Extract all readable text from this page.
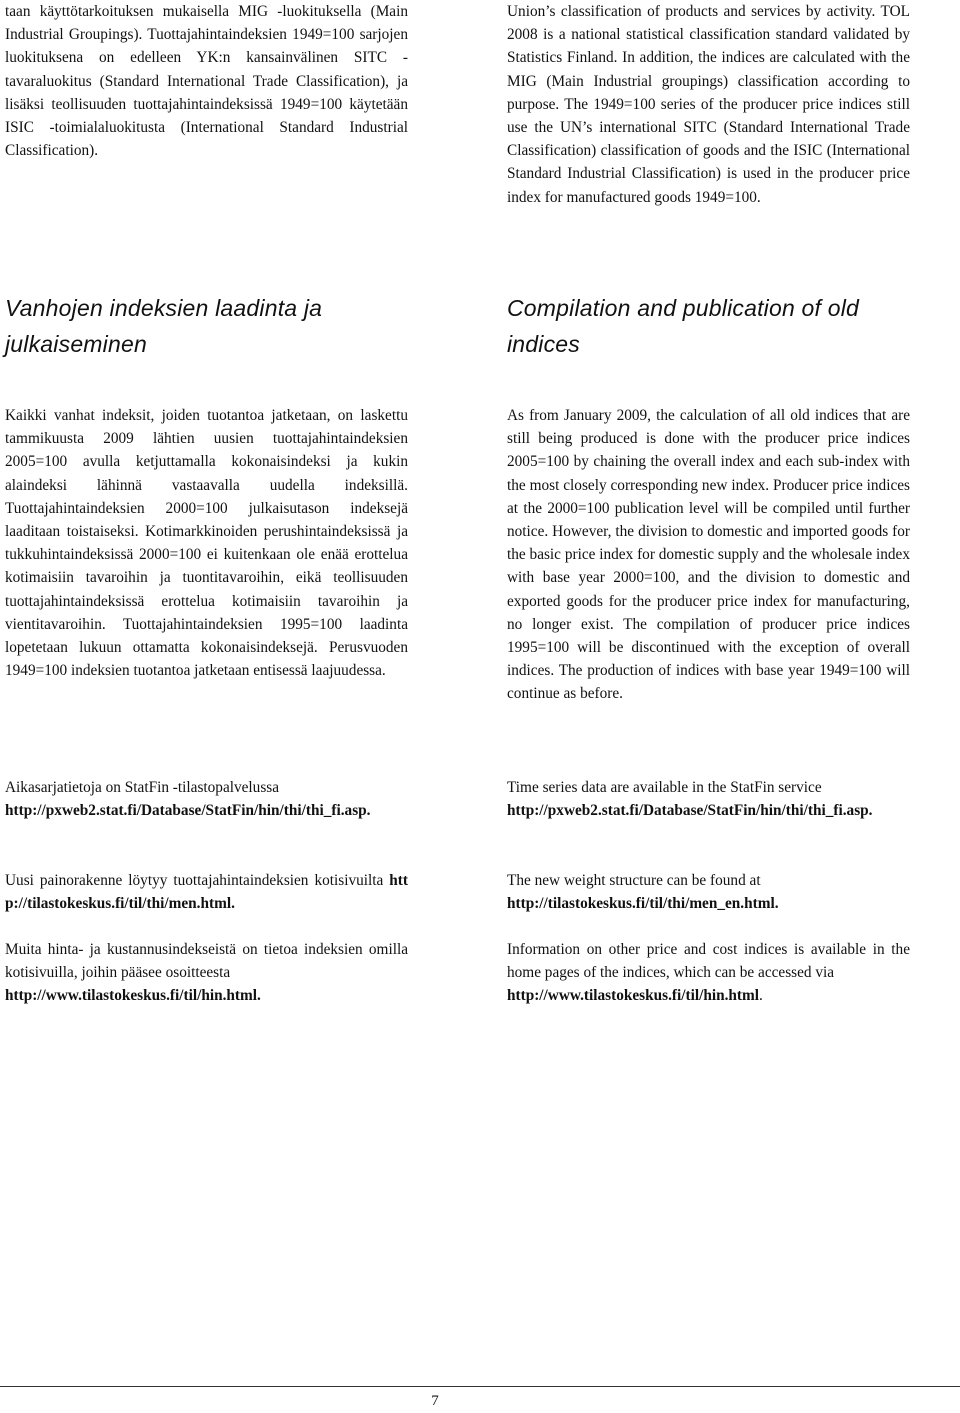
taan käyttötarkoituksen mukaisella MIG -luokituksella (Main Industrial Groupings). Tuottajahintaindeksien 1949=100 sarjojen luokituksena on edelleen YK:n kansainvälinen SITC -tavaraluokitus (Standard International Trade Classification), ja lisäksi teollisuuden tuottajahintaindeksissä 1949=100 käytetään ISIC -toimialaluokitusta (International Standard Industrial Classification).

Vanhojen indeksien laadinta ja julkaiseminen

Kaikki vanhat indeksit, joiden tuotantoa jatketaan, on laskettu tammikuusta 2009 lähtien uusien tuottajahintaindeksien 2005=100 avulla ketjuttamalla kokonaisindeksi ja kukin alaindeksi lähinnä vastaavalla uudella indeksillä. Tuottajahintaindeksien 2000=100 julkaisutason indeksejä laaditaan toistaiseksi. Kotimarkkinoiden perushintaindeksissä ja tukkuhintaindeksissä 2000=100 ei kuitenkaan ole enää erottelua kotimaisiin tavaroihin ja tuontitavaroihin, eikä teollisuuden tuottajahintaindeksissä erottelua kotimaisiin tavaroihin ja vientitavaroihin. Tuottajahintaindeksien 1995=100 laadinta lopetetaan lukuun ottamatta kokonaisindeksejä. Perusvuoden 1949=100 indeksien tuotantoa jatketaan entisessä laajuudessa.

Aikasarjatietoja on StatFin -tilastopalvelussa
http://pxweb2.stat.fi/Database/StatFin/hin/thi/thi_fi.asp.

Uusi painorakenne löytyy tuottajahintaindeksien kotisivuilta http://tilastokeskus.fi/til/thi/men.html.

Muita hinta- ja kustannusindekseistä on tietoa indeksien omilla kotisivuilla, joihin pääsee osoitteesta
http://www.tilastokeskus.fi/til/hin.html.

Union’s classification of products and services by activity. TOL 2008 is a national statistical classification standard validated by Statistics Finland. In addition, the indices are calculated with the MIG (Main Industrial groupings) classification according to purpose. The 1949=100 series of the producer price indices still use the UN’s international SITC (Standard International Trade Classification) classification of goods and the ISIC (International Standard Industrial Classification) is used in the producer price index for manufactured goods 1949=100.

Compilation and publication of old indices

As from January 2009, the calculation of all old indices that are still being produced is done with the producer price indices 2005=100 by chaining the overall index and each sub-index with the most closely corresponding new index. Producer price indices at the 2000=100 publication level will be compiled until further notice. However, the division to domestic and imported goods for the basic price index for domestic supply and the wholesale index with base year 2000=100, and the division to domestic and exported goods for the producer price index for manufacturing, no longer exist. The compilation of producer price indices 1995=100 will be discontinued with the exception of overall indices. The production of indices with base year 1949=100 will continue as before.

Time series data are available in the StatFin service
http://pxweb2.stat.fi/Database/StatFin/hin/thi/thi_fi.asp.

The new weight structure can be found at
http://tilastokeskus.fi/til/thi/men_en.html.

Information on other price and cost indices is available in the home pages of the indices, which can be accessed via
http://www.tilastokeskus.fi/til/hin.html.

7
